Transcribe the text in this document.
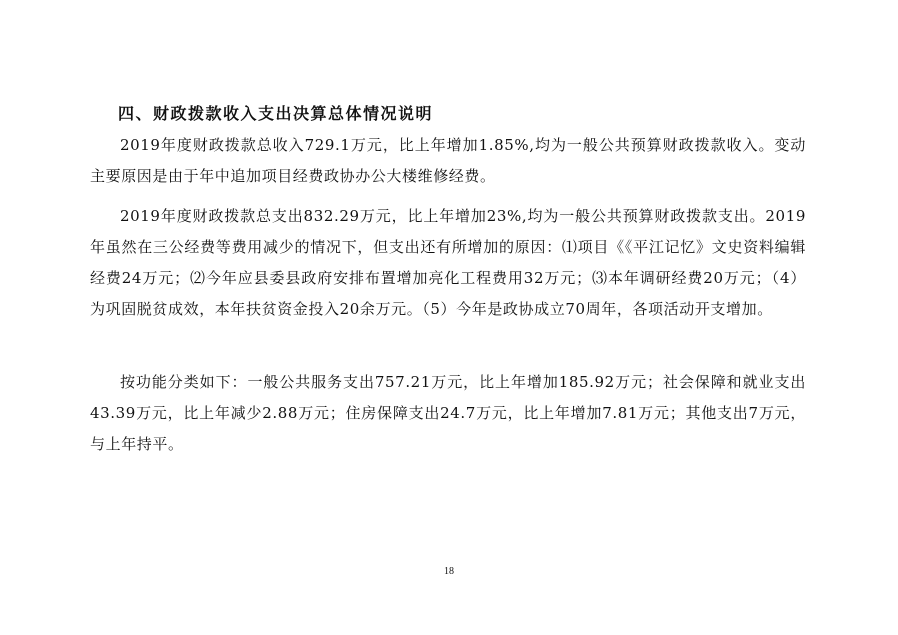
四、财政拨款收入支出决算总体情况说明

2019年度财政拨款总收入729.1万元，比上年增加1.85%,均为一般公共预算财政拨款收入。变动主要原因是由于年中追加项目经费政协办公大楼维修经费。

2019年度财政拨款总支出832.29万元，比上年增加23%,均为一般公共预算财政拨款支出。2019年虽然在三公经费等费用减少的情况下，但支出还有所增加的原因：⑴项目《《平江记忆》文史资料编辑经费24万元；⑵今年应县委县政府安排布置增加亮化工程费用32万元；⑶本年调研经费20万元；（4）为巩固脱贫成效，本年扶贫资金投入20余万元。（5）今年是政协成立70周年，各项活动开支增加。

按功能分类如下：一般公共服务支出757.21万元，比上年增加185.92万元；社会保障和就业支出43.39万元，比上年减少2.88万元；住房保障支出24.7万元，比上年增加7.81万元；其他支出7万元，与上年持平。

18
